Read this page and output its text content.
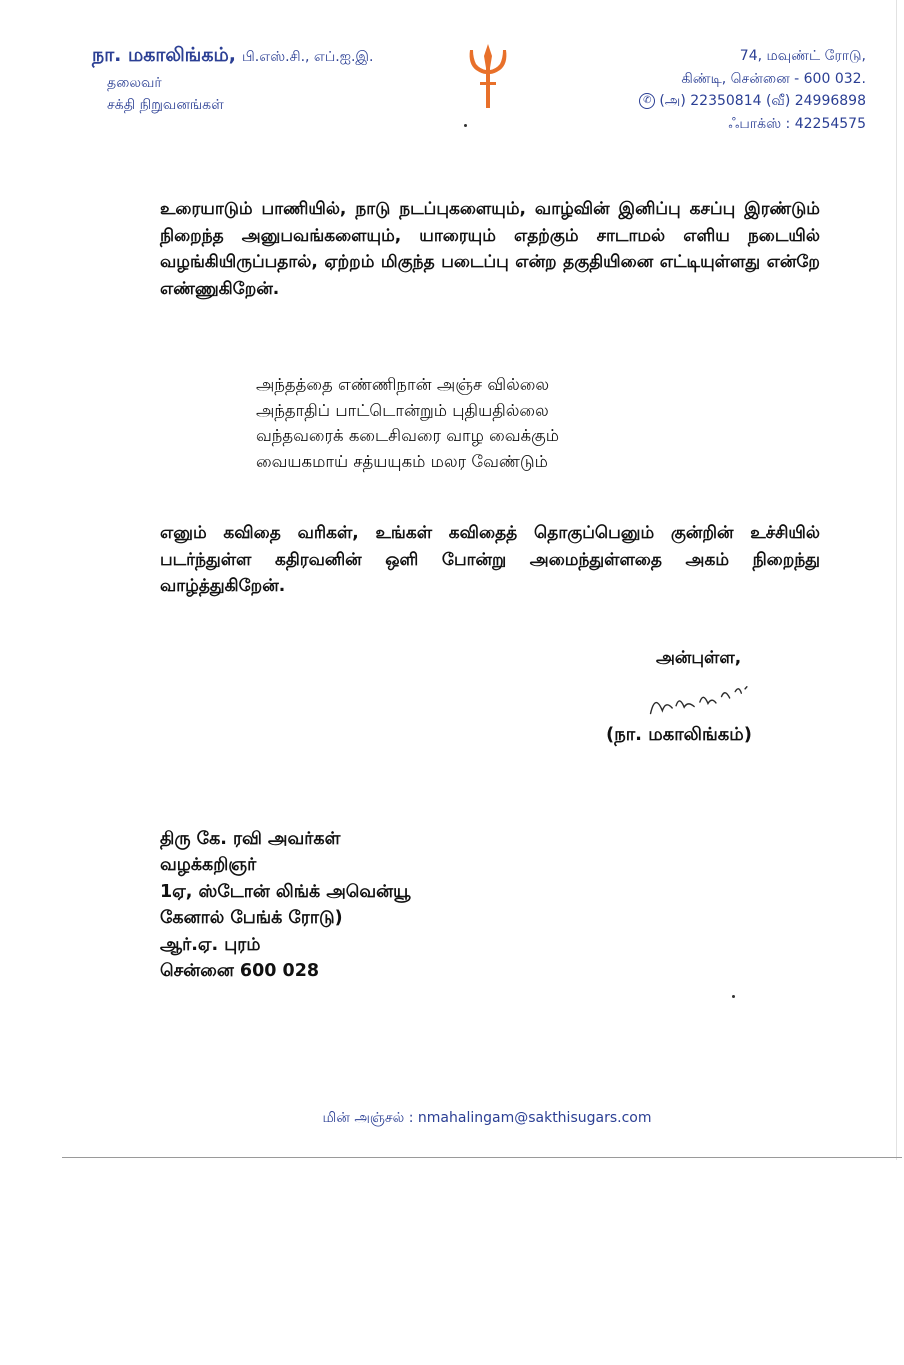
நா. மகாலிங்கம், பி.எஸ்.சி., எப்.ஐ.இ.
தலைவர்
சக்தி நிறுவனங்கள்
74, மவுண்ட் ரோடு,
கிண்டி, சென்னை - 600 032.
✆ (அ) 22350814 (வீ) 24996898
ஃபாக்ஸ் : 42254575
உரையாடும் பாணியில், நாடு நடப்புகளையும், வாழ்வின் இனிப்பு கசப்பு இரண்டும் நிறைந்த அனுபவங்களையும், யாரையும் எதற்கும் சாடாமல் எளிய நடையில் வழங்கியிருப்பதால், ஏற்றம் மிகுந்த படைப்பு என்ற தகுதியினை எட்டியுள்ளது என்றே எண்ணுகிறேன்.
அந்தத்தை எண்ணிநான் அஞ்ச வில்லை
அந்தாதிப் பாட்டொன்றும் புதியதில்லை
வந்தவரைக் கடைசிவரை வாழ வைக்கும்
வையகமாய் சத்யயுகம் மலர வேண்டும்
எனும் கவிதை வரிகள், உங்கள் கவிதைத் தொகுப்பெனும் குன்றின் உச்சியில் படர்ந்துள்ள கதிரவனின் ஒளி போன்று அமைந்துள்ளதை அகம் நிறைந்து வாழ்த்துகிறேன்.
அன்புள்ள,
(நா. மகாலிங்கம்)
திரு கே. ரவி அவர்கள்
வழக்கறிஞர்
1ஏ, ஸ்டோன் லிங்க் அவென்யூ
கேனால் பேங்க் ரோடு)
ஆர்.ஏ. புரம்
சென்னை 600 028
மின் அஞ்சல் : nmahalingam@sakthisugars.com
